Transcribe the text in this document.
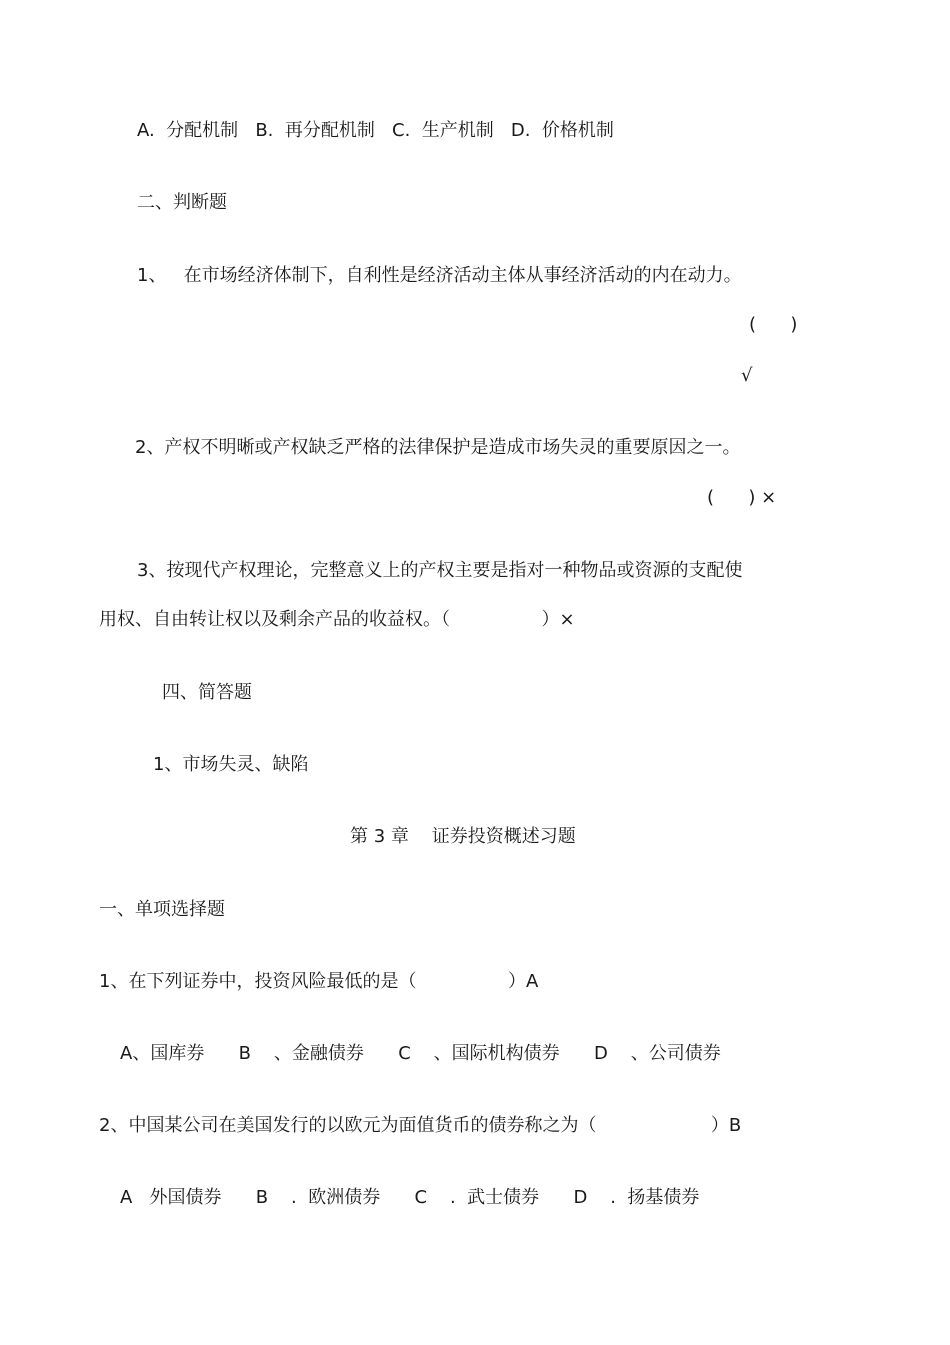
A.  分配机制   B.  再分配机制   C.  生产机制   D.  价格机制

二、判断题

1、   在市场经济体制下，自利性是经济活动主体从事经济活动的内在动力。

(      )

√

2、产权不明晰或产权缺乏严格的法律保护是造成市场失灵的重要原因之一。

(      ) ×

3、按现代产权理论，完整意义上的产权主要是指对一种物品或资源的支配使

用权、自由转让权以及剩余产品的收益权。（                ）×

四、简答题

1、市场失灵、缺陷

第 3 章    证券投资概述习题

一、单项选择题

1、在下列证券中，投资风险最低的是（                ）A

A、国库券      B    、金融债券      C    、国际机构债券      D    、公司债券

2、中国某公司在美国发行的以欧元为面值货币的债券称之为（                    ）B

A   外国债券      B    .  欧洲债券      C    .  武士债券      D    .  扬基债券
